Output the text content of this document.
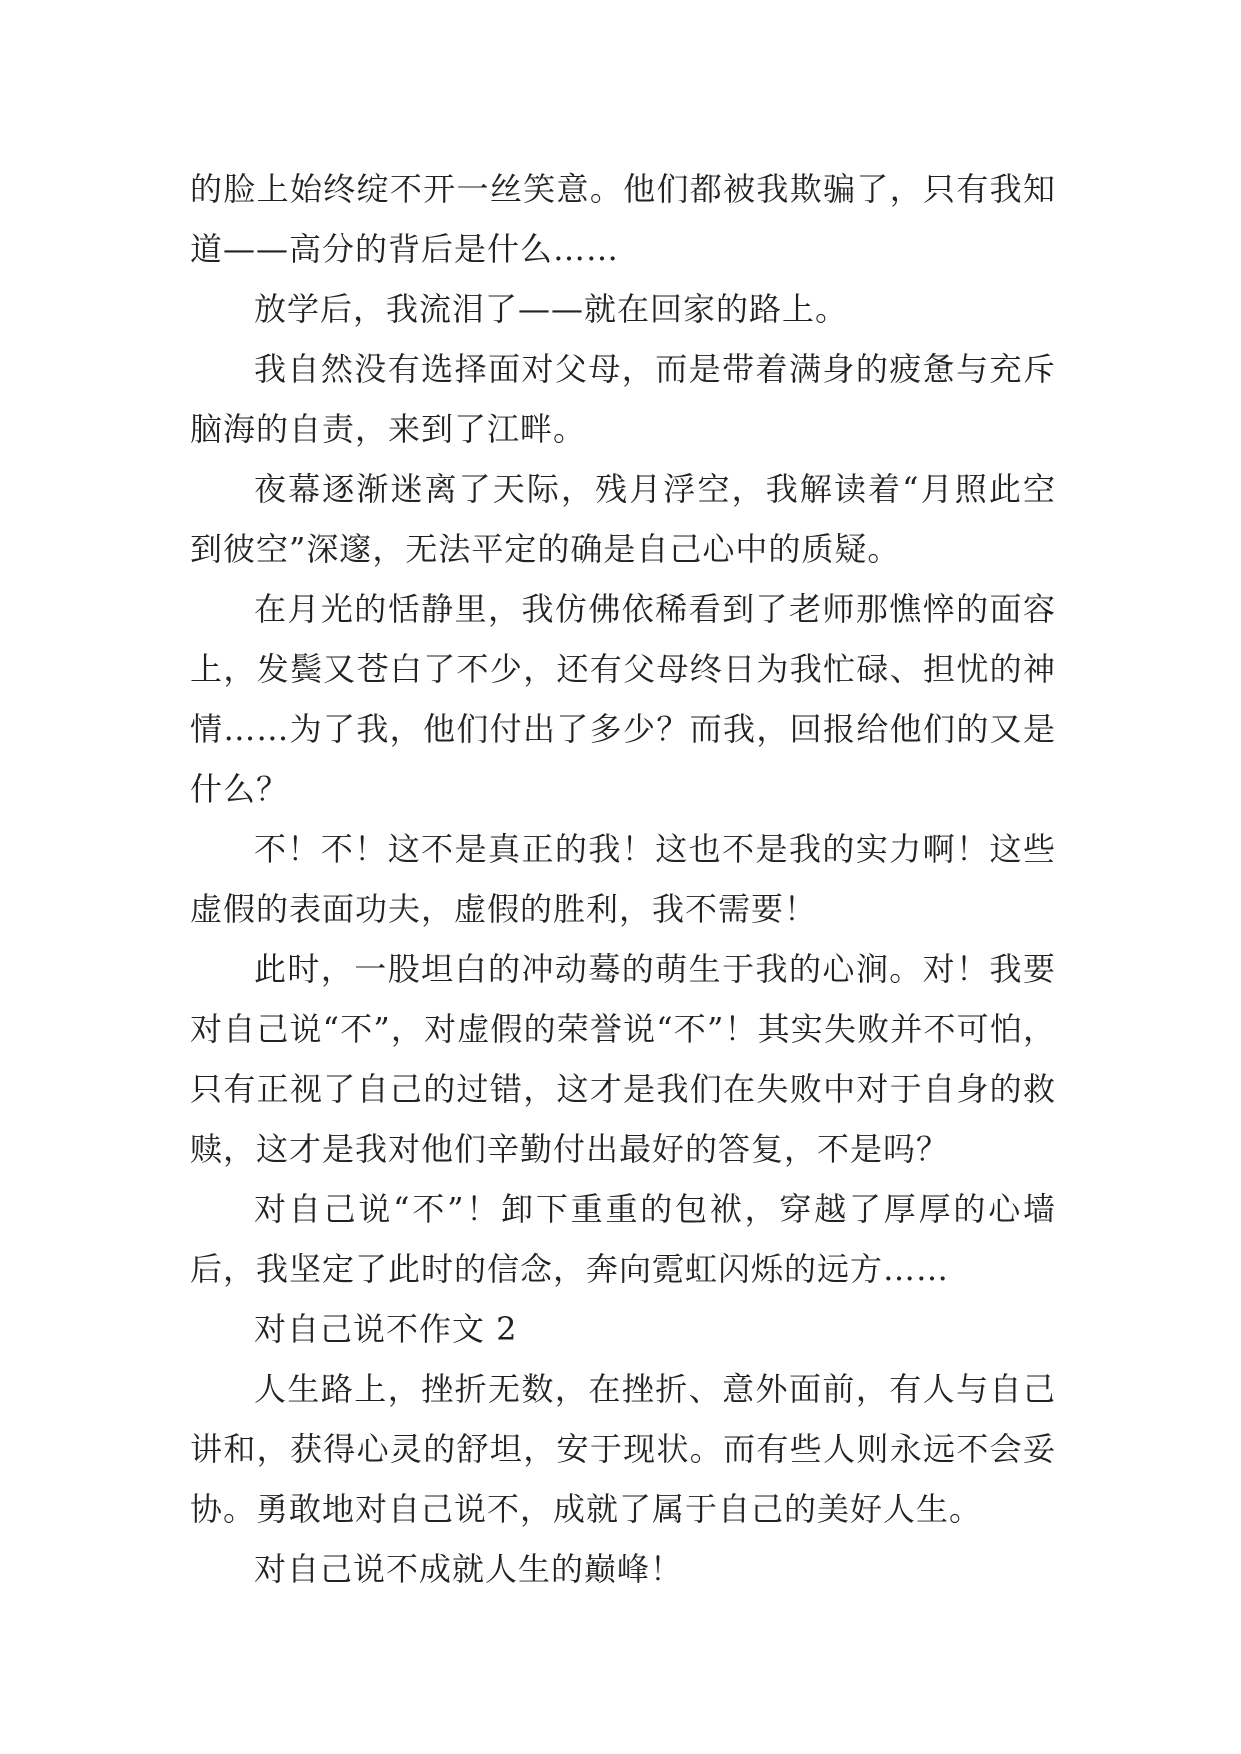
的脸上始终绽不开一丝笑意。他们都被我欺骗了，只有我知道——高分的背后是什么……

放学后，我流泪了——就在回家的路上。

我自然没有选择面对父母，而是带着满身的疲惫与充斥脑海的自责，来到了江畔。

夜幕逐渐迷离了天际，残月浮空，我解读着“月照此空到彼空”深邃，无法平定的确是自己心中的质疑。

在月光的恬静里，我仿佛依稀看到了老师那憔悴的面容上，发鬓又苍白了不少，还有父母终日为我忙碌、担忧的神情……为了我，他们付出了多少？而我，回报给他们的又是什么？

不！不！这不是真正的我！这也不是我的实力啊！这些虚假的表面功夫，虚假的胜利，我不需要！

此时，一股坦白的冲动蓦的萌生于我的心涧。对！我要对自己说“不”，对虚假的荣誉说“不”！其实失败并不可怕，只有正视了自己的过错，这才是我们在失败中对于自身的救赎，这才是我对他们辛勤付出最好的答复，不是吗？

对自己说“不”！卸下重重的包袱，穿越了厚厚的心墙后，我坚定了此时的信念，奔向霓虹闪烁的远方……

对自己说不作文 2

人生路上，挫折无数，在挫折、意外面前，有人与自己讲和，获得心灵的舒坦，安于现状。而有些人则永远不会妥协。勇敢地对自己说不，成就了属于自己的美好人生。

对自己说不成就人生的巅峰！
